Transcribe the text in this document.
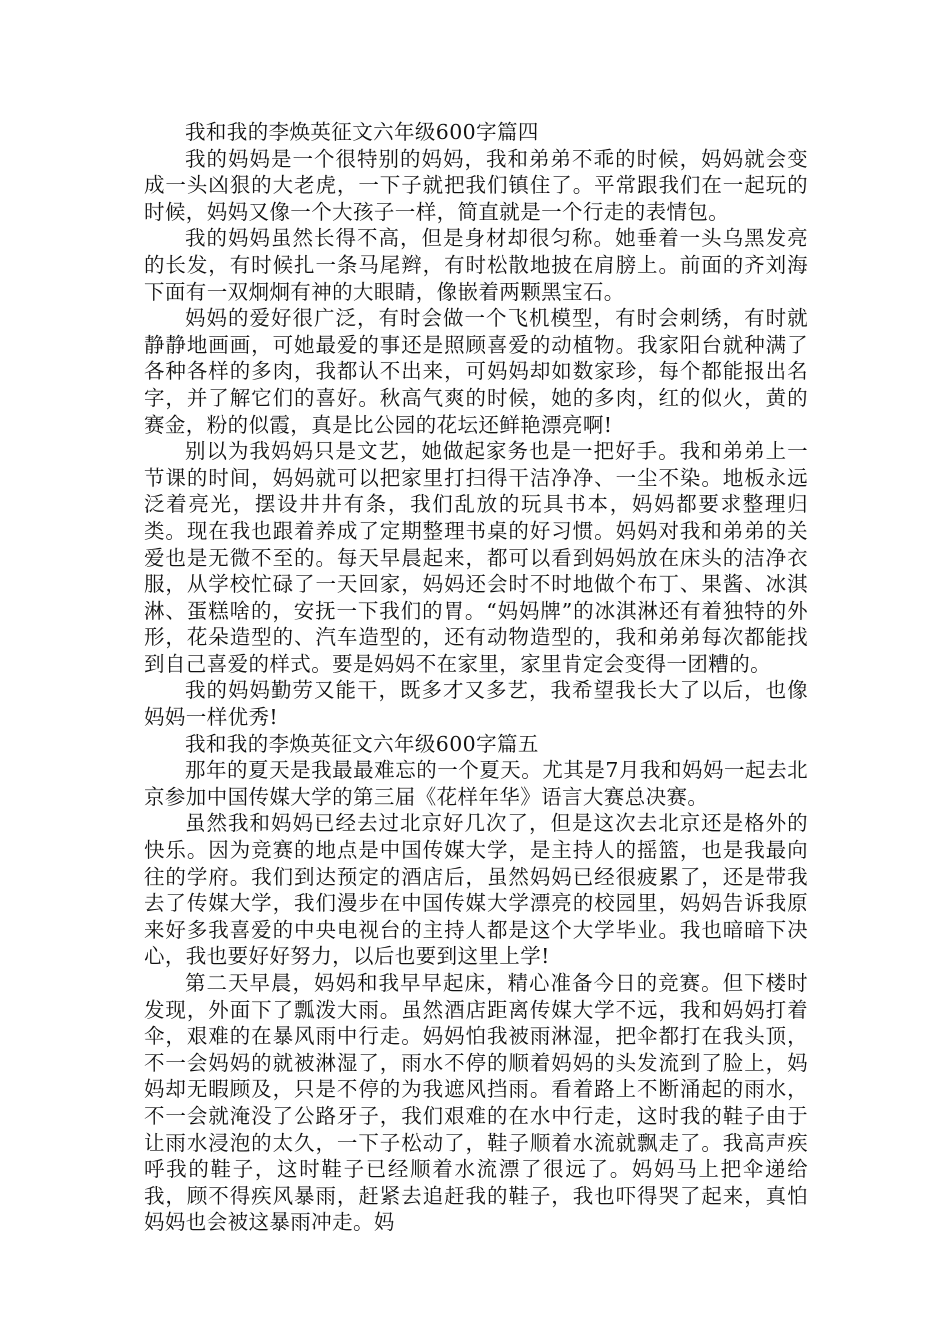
我和我的李焕英征文六年级600字篇四

我的妈妈是一个很特别的妈妈，我和弟弟不乖的时候，妈妈就会变成一头凶狠的大老虎，一下子就把我们镇住了。平常跟我们在一起玩的时候，妈妈又像一个大孩子一样，简直就是一个行走的表情包。

我的妈妈虽然长得不高，但是身材却很匀称。她垂着一头乌黑发亮的长发，有时候扎一条马尾辫，有时松散地披在肩膀上。前面的齐刘海下面有一双炯炯有神的大眼睛，像嵌着两颗黑宝石。

妈妈的爱好很广泛，有时会做一个飞机模型，有时会刺绣，有时就静静地画画，可她最爱的事还是照顾喜爱的动植物。我家阳台就种满了各种各样的多肉，我都认不出来，可妈妈却如数家珍，每个都能报出名字，并了解它们的喜好。秋高气爽的时候，她的多肉，红的似火，黄的赛金，粉的似霞，真是比公园的花坛还鲜艳漂亮啊!

别以为我妈妈只是文艺，她做起家务也是一把好手。我和弟弟上一节课的时间，妈妈就可以把家里打扫得干洁净净、一尘不染。地板永远泛着亮光，摆设井井有条，我们乱放的玩具书本，妈妈都要求整理归类。现在我也跟着养成了定期整理书桌的好习惯。妈妈对我和弟弟的关爱也是无微不至的。每天早晨起来，都可以看到妈妈放在床头的洁净衣服，从学校忙碌了一天回家，妈妈还会时不时地做个布丁、果酱、冰淇淋、蛋糕啥的，安抚一下我们的胃。“妈妈牌”的冰淇淋还有着独特的外形，花朵造型的、汽车造型的，还有动物造型的，我和弟弟每次都能找到自己喜爱的样式。要是妈妈不在家里，家里肯定会变得一团糟的。

我的妈妈勤劳又能干，既多才又多艺，我希望我长大了以后，也像妈妈一样优秀!

我和我的李焕英征文六年级600字篇五

那年的夏天是我最最难忘的一个夏天。尤其是7月我和妈妈一起去北京参加中国传媒大学的第三届《花样年华》语言大赛总决赛。

虽然我和妈妈已经去过北京好几次了，但是这次去北京还是格外的快乐。因为竞赛的地点是中国传媒大学，是主持人的摇篮，也是我最向往的学府。我们到达预定的酒店后，虽然妈妈已经很疲累了，还是带我去了传媒大学，我们漫步在中国传媒大学漂亮的校园里，妈妈告诉我原来好多我喜爱的中央电视台的主持人都是这个大学毕业。我也暗暗下决心，我也要好好努力，以后也要到这里上学!

第二天早晨，妈妈和我早早起床，精心准备今日的竞赛。但下楼时发现，外面下了瓢泼大雨。虽然酒店距离传媒大学不远，我和妈妈打着伞，艰难的在暴风雨中行走。妈妈怕我被雨淋湿，把伞都打在我头顶，不一会妈妈的就被淋湿了，雨水不停的顺着妈妈的头发流到了脸上，妈妈却无暇顾及，只是不停的为我遮风挡雨。看着路上不断涌起的雨水，不一会就淹没了公路牙子，我们艰难的在水中行走，这时我的鞋子由于让雨水浸泡的太久，一下子松动了，鞋子顺着水流就飘走了。我高声疾呼我的鞋子，这时鞋子已经顺着水流漂了很远了。妈妈马上把伞递给我，顾不得疾风暴雨，赶紧去追赶我的鞋子，我也吓得哭了起来，真怕妈妈也会被这暴雨冲走。妈
